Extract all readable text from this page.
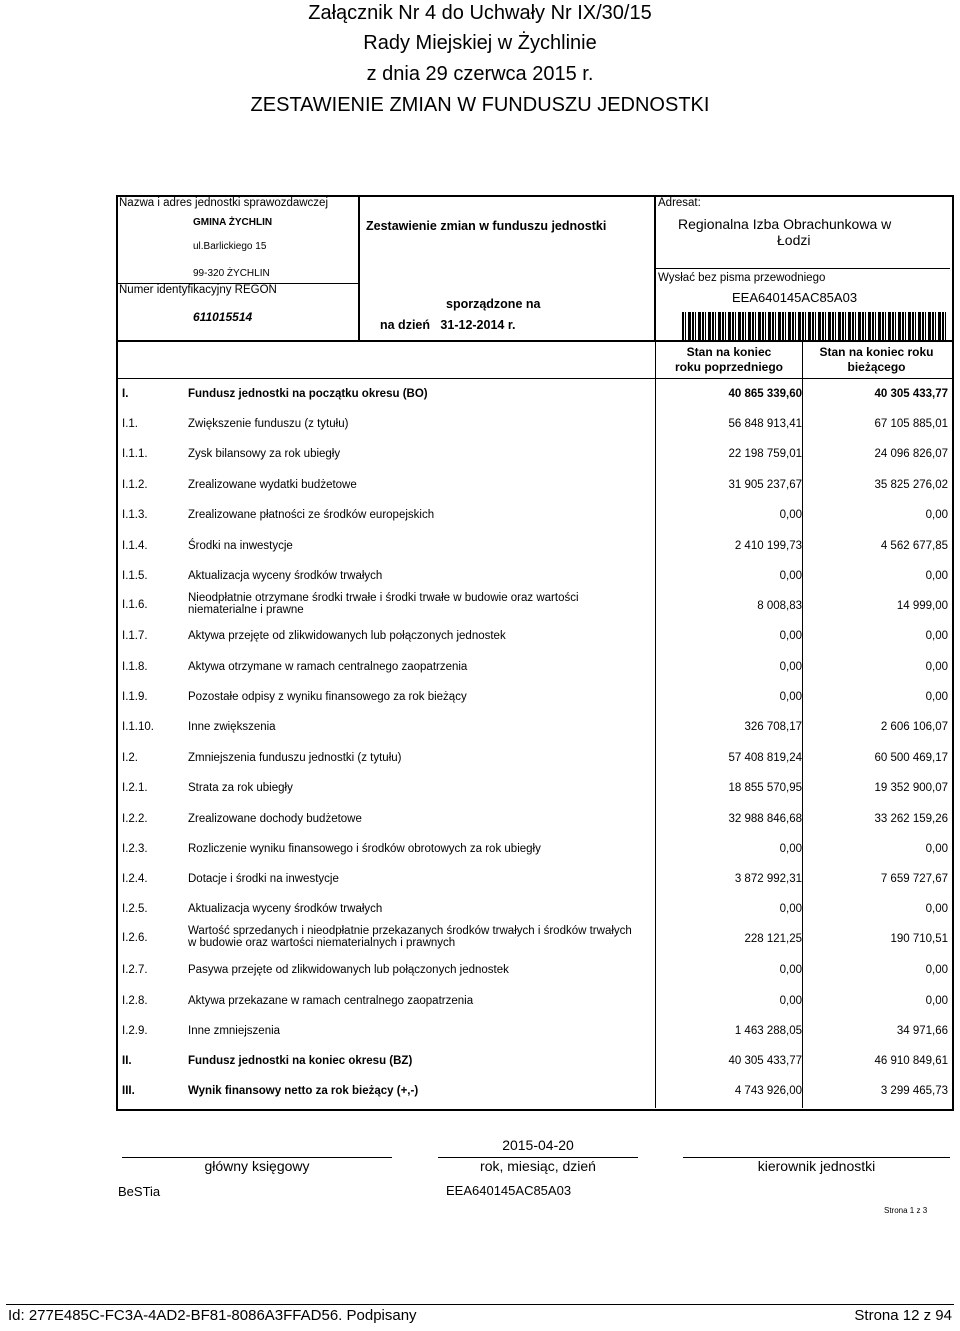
Załącznik Nr 4 do Uchwały Nr IX/30/15
Rady Miejskiej w Żychlinie
z dnia 29 czerwca 2015 r.
ZESTAWIENIE ZMIAN W FUNDUSZU JEDNOSTKI
Nazwa i adres jednostki sprawozdawczej
GMINA ŻYCHLIN
ul.Barlickiego 15
99-320 ŻYCHLIN
Numer identyfikacyjny REGON
611015514
Zestawienie zmian w funduszu jednostki
sporządzone na
na dzień   31-12-2014 r.
Adresat:
Regionalna Izba Obrachunkowa w
Łodzi
Wysłać bez pisma przewodniego
EEA640145AC85A03
Stan na koniec
roku poprzedniego
Stan na koniec roku
bieżącego
I.	Fundusz jednostki na początku okresu (BO)	40 865 339,60	40 305 433,77
I.1.	Zwiększenie funduszu (z tytułu)	56 848 913,41	67 105 885,01
I.1.1.	Zysk bilansowy za rok ubiegły	22 198 759,01	24 096 826,07
I.1.2.	Zrealizowane wydatki budżetowe	31 905 237,67	35 825 276,02
I.1.3.	Zrealizowane płatności ze środków europejskich	0,00	0,00
I.1.4.	Środki na inwestycje	2 410 199,73	4 562 677,85
I.1.5.	Aktualizacja wyceny środków trwałych	0,00	0,00
I.1.6.
Nieodpłatnie otrzymane środki trwałe i środki trwałe w budowie oraz wartości niematerialne i prawne	8 008,83	14 999,00
I.1.7.	Aktywa przejęte od zlikwidowanych lub połączonych jednostek	0,00	0,00
I.1.8.	Aktywa otrzymane w ramach centralnego zaopatrzenia	0,00	0,00
I.1.9.	Pozostałe odpisy z wyniku finansowego za rok bieżący	0,00	0,00
I.1.10.	Inne zwiększenia	326 708,17	2 606 106,07
I.2.	Zmniejszenia funduszu jednostki (z tytułu)	57 408 819,24	60 500 469,17
I.2.1.	Strata za rok ubiegły	18 855 570,95	19 352 900,07
I.2.2.	Zrealizowane dochody budżetowe	32 988 846,68	33 262 159,26
I.2.3.	Rozliczenie wyniku finansowego i środków obrotowych za rok ubiegły	0,00	0,00
I.2.4.	Dotacje i środki na inwestycje	3 872 992,31	7 659 727,67
I.2.5.	Aktualizacja wyceny środków trwałych	0,00	0,00
I.2.6.
Wartość sprzedanych i nieodpłatnie przekazanych środków trwałych i środków trwałych w budowie oraz wartości niematerialnych i prawnych	228 121,25	190 710,51
I.2.7.	Pasywa przejęte od zlikwidowanych lub połączonych jednostek	0,00	0,00
I.2.8.	Aktywa przekazane w ramach centralnego zaopatrzenia	0,00	0,00
I.2.9.	Inne zmniejszenia	1 463 288,05	34 971,66
II.	Fundusz jednostki na koniec okresu (BZ)	40 305 433,77	46 910 849,61
III.	Wynik finansowy netto za rok bieżący (+,-)	4 743 926,00	3 299 465,73
2015-04-20
główny księgowy	rok, miesiąc, dzień	kierownik jednostki
BeSTia	EEA640145AC85A03
Strona 1 z 3
Id: 277E485C-FC3A-4AD2-BF81-8086A3FFAD56. Podpisany	Strona 12 z 94
